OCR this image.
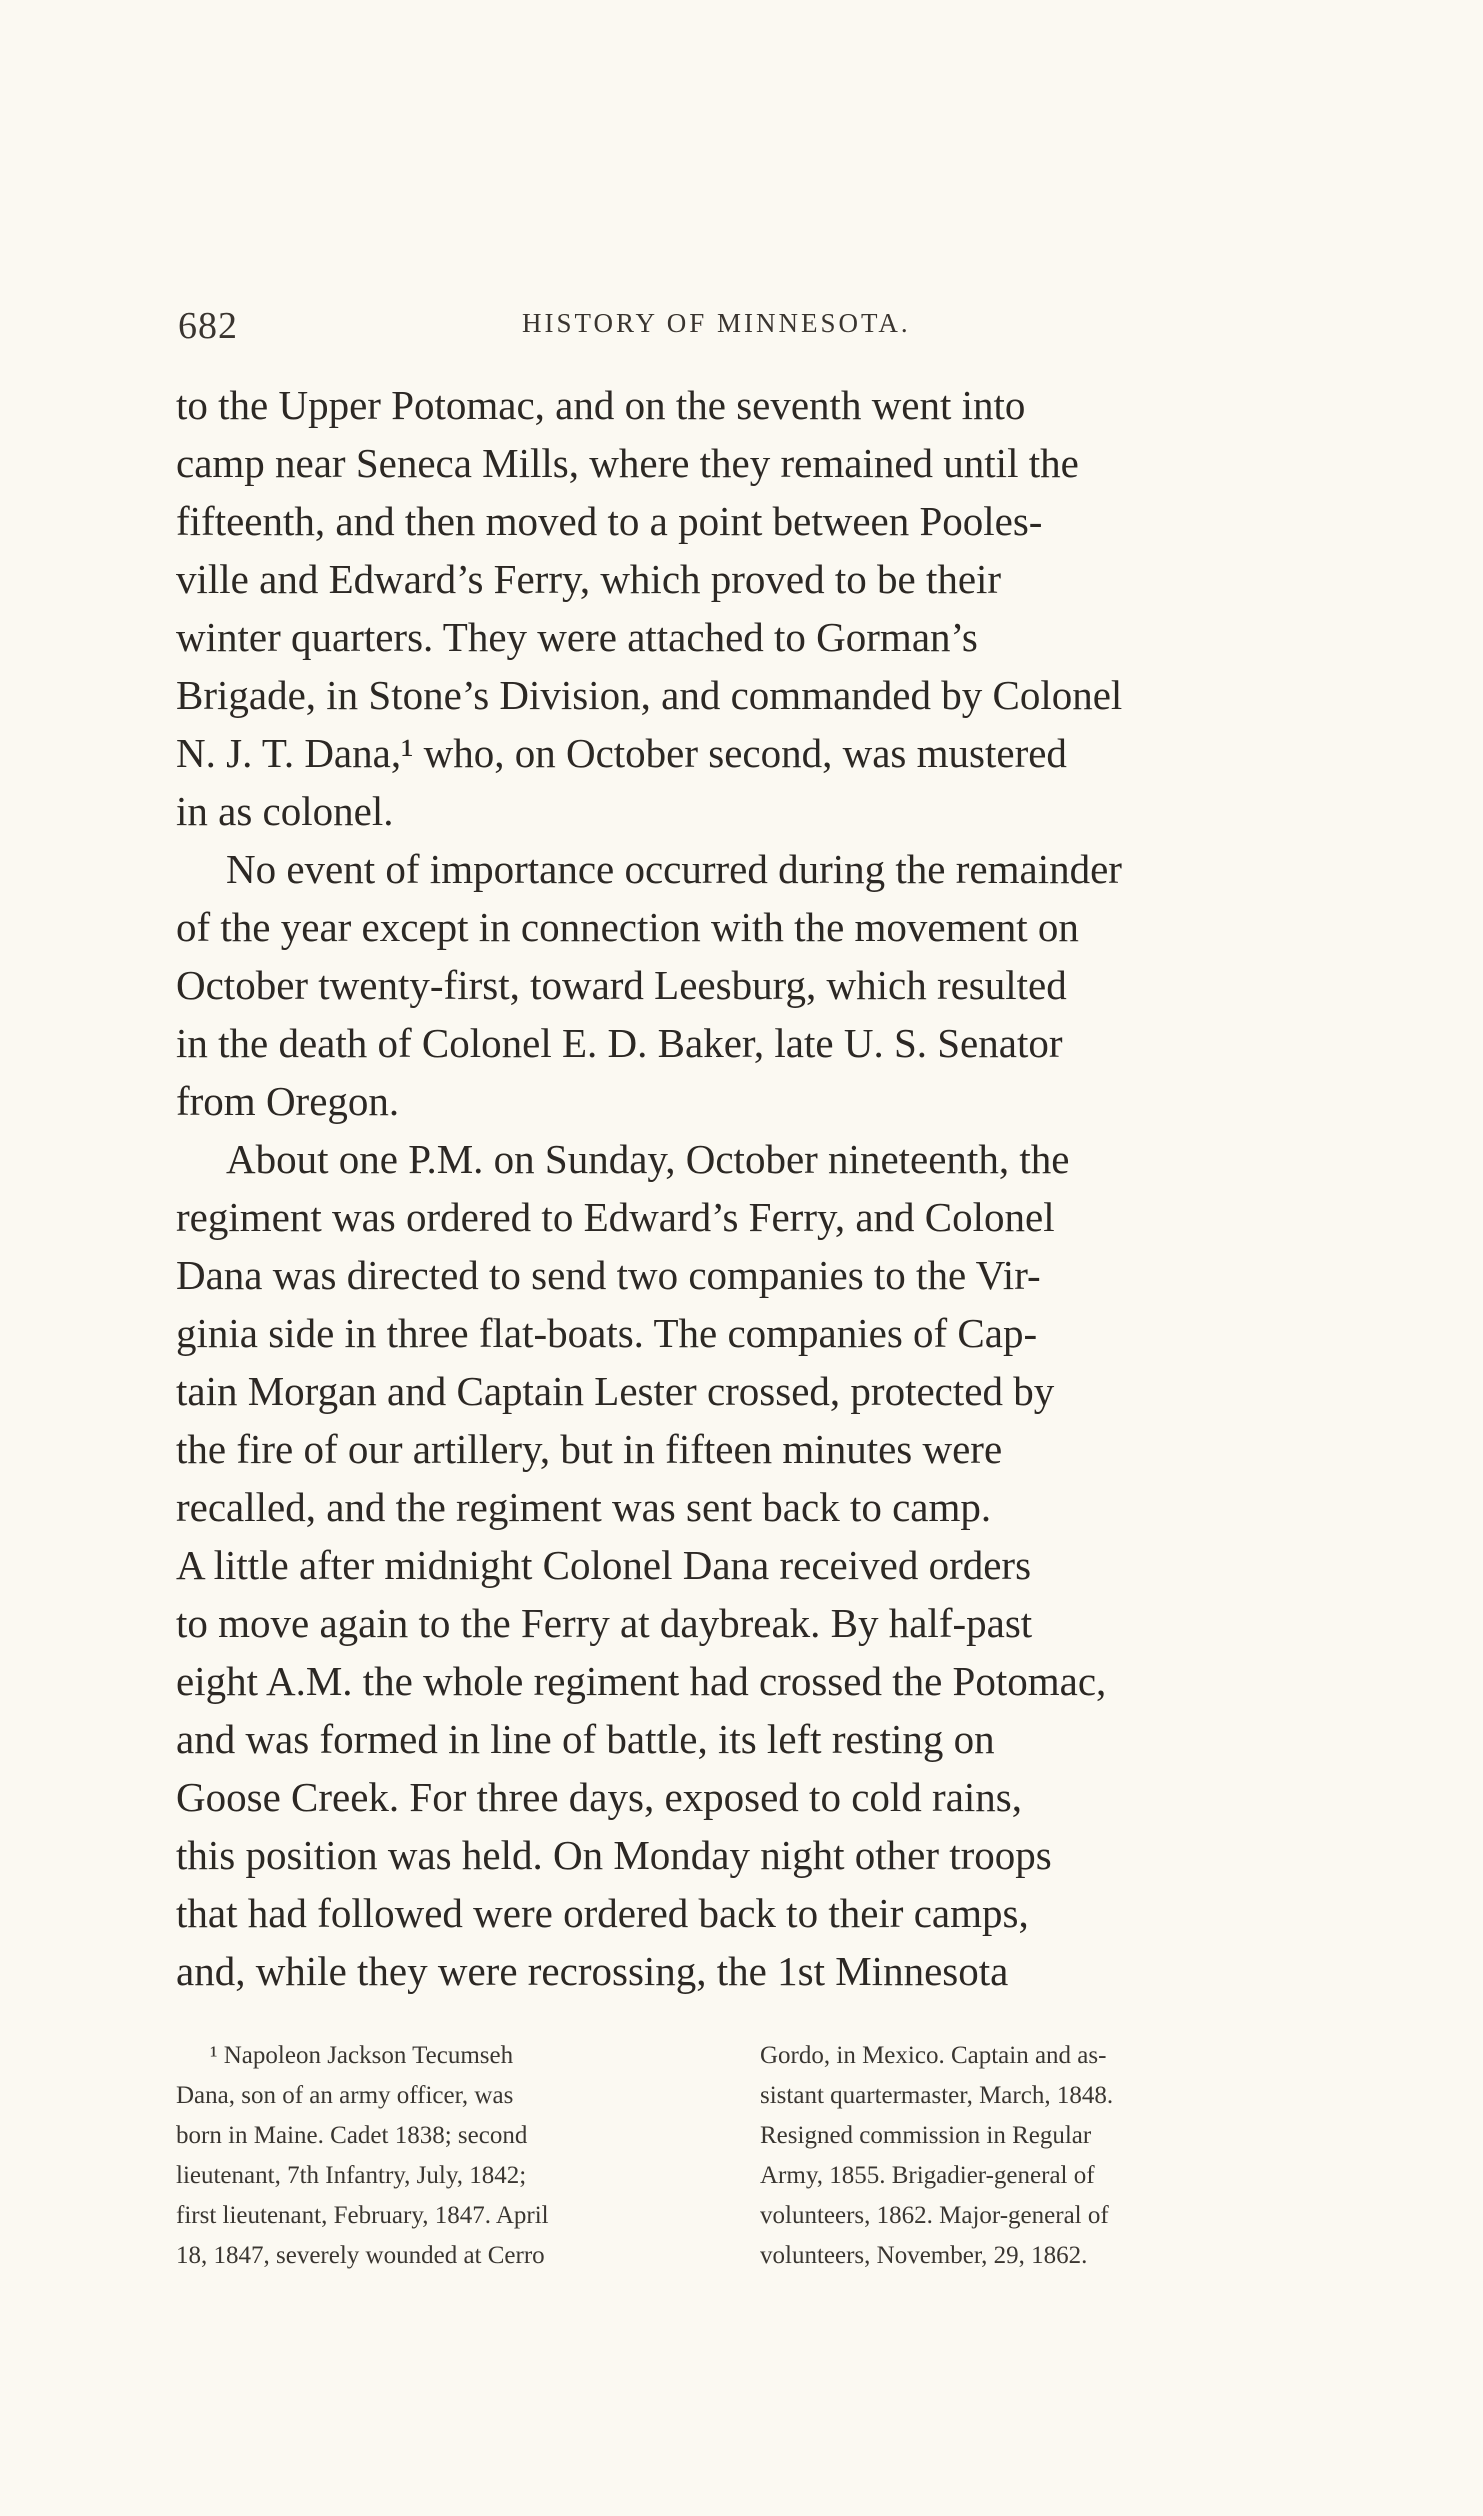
682	HISTORY OF MINNESOTA.
to the Upper Potomac, and on the seventh went into
camp near Seneca Mills, where they remained until the
fifteenth, and then moved to a point between Pooles-
ville and Edward’s Ferry, which proved to be their
winter quarters. They were attached to Gorman’s
Brigade, in Stone’s Division, and commanded by Colonel
N. J. T. Dana,¹ who, on October second, was mustered
in as colonel.
No event of importance occurred during the remainder
of the year except in connection with the movement on
October twenty-first, toward Leesburg, which resulted
in the death of Colonel E. D. Baker, late U. S. Senator
from Oregon.
About one P.M. on Sunday, October nineteenth, the
regiment was ordered to Edward’s Ferry, and Colonel
Dana was directed to send two companies to the Vir-
ginia side in three flat-boats. The companies of Cap-
tain Morgan and Captain Lester crossed, protected by
the fire of our artillery, but in fifteen minutes were
recalled, and the regiment was sent back to camp.
A little after midnight Colonel Dana received orders
to move again to the Ferry at daybreak. By half-past
eight A.M. the whole regiment had crossed the Potomac,
and was formed in line of battle, its left resting on
Goose Creek. For three days, exposed to cold rains,
this position was held. On Monday night other troops
that had followed were ordered back to their camps,
and, while they were recrossing, the 1st Minnesota
¹ Napoleon Jackson Tecumseh
Dana, son of an army officer, was
born in Maine. Cadet 1838; second
lieutenant, 7th Infantry, July, 1842;
first lieutenant, February, 1847. April
18, 1847, severely wounded at Cerro
Gordo, in Mexico. Captain and as-
sistant quartermaster, March, 1848.
Resigned commission in Regular
Army, 1855. Brigadier-general of
volunteers, 1862. Major-general of
volunteers, November, 29, 1862.
